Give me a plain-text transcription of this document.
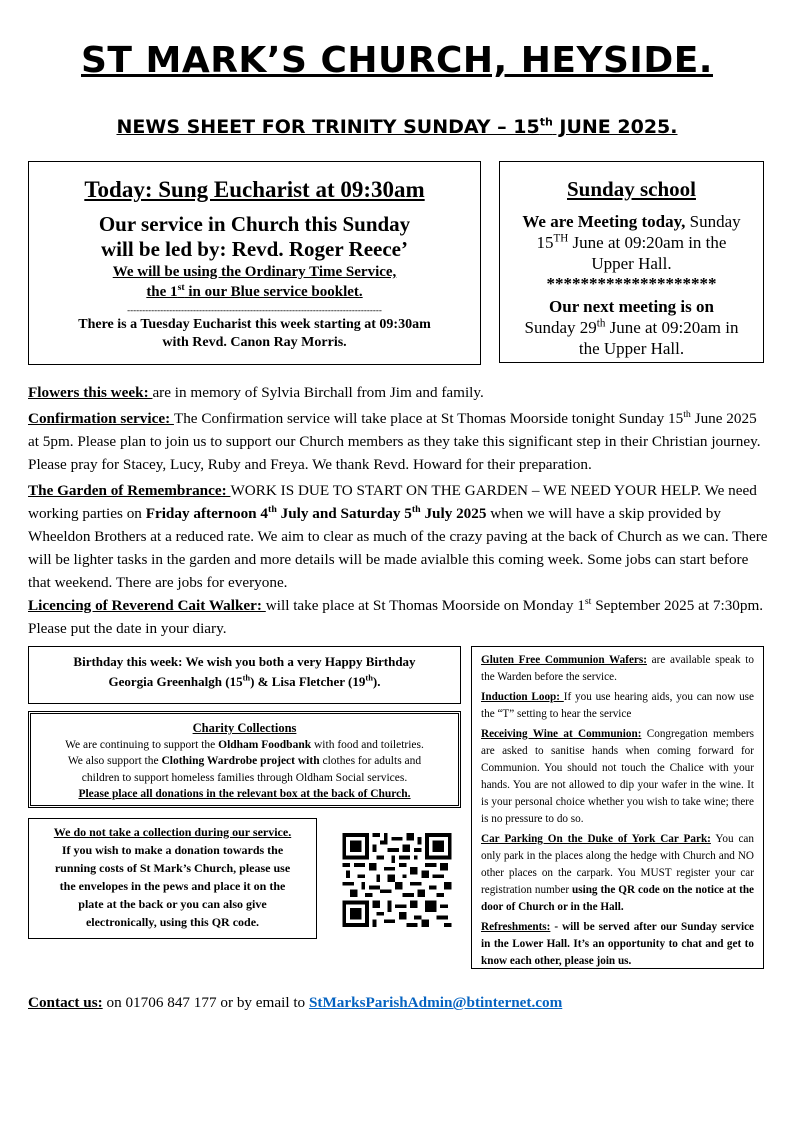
ST MARK’S CHURCH, HEYSIDE.
NEWS SHEET FOR TRINITY SUNDAY – 15th JUNE 2025.
Today: Sung Eucharist at 09:30am
Our service in Church this Sunday
will be led by: Revd. Roger Reece’
We will be using the Ordinary Time Service,
the 1st in our Blue service booklet.
-------------------------------------------------------------------------------------
There is a Tuesday Eucharist this week starting at 09:30am
with Revd. Canon Ray Morris.
Sunday school
We are Meeting today, Sunday
15TH June at 09:20am in the
Upper Hall.
********************
Our next meeting is on
Sunday 29th June at 09:20am in
the Upper Hall.
Flowers this week: are in memory of Sylvia Birchall from Jim and family.
Confirmation service: The Confirmation service will take place at St Thomas Moorside tonight Sunday 15th June 2025 at 5pm. Please plan to join us to support our Church members as they take this significant step in their Christian journey. Please pray for Stacey, Lucy, Ruby and Freya. We thank Revd. Howard for their preparation.
The Garden of Remembrance: WORK IS DUE TO START ON THE GARDEN – WE NEED YOUR HELP. We need working parties on Friday afternoon 4th July and Saturday 5th July 2025 when we will have a skip provided by Wheeldon Brothers at a reduced rate. We aim to clear as much of the crazy paving at the back of Church as we can. There will be lighter tasks in the garden and more details will be made avialble this coming week. Some jobs can start before that weekend. There are jobs for everyone.
Licencing of Reverend Cait Walker: will take place at St Thomas Moorside on Monday 1st September 2025 at 7:30pm. Please put the date in your diary.
Birthday this week: We wish you both a very Happy Birthday
Georgia Greenhalgh (15th) & Lisa Fletcher (19th).
Charity Collections
We are continuing to support the Oldham Foodbank with food and toiletries.
We also support the Clothing Wardrobe project with clothes for adults and
children to support homeless families through Oldham Social services.
Please place all donations in the relevant box at the back of Church.
We do not take a collection during our service.
If you wish to make a donation towards the
running costs of St Mark’s Church, please use
the envelopes in the pews and place it on the
plate at the back or you can also give
electronically, using this QR code.

Gluten Free Communion Wafers: are available speak to the Warden before the service.

Induction Loop: If you use hearing aids, you can now use the “T” setting to hear the service

Receiving Wine at Communion: Congregation members are asked to sanitise hands when coming forward for Communion. You should not touch the Chalice with your hands. You are not allowed to dip your wafer in the wine. It is your personal choice whether you wish to take wine; there is no pressure to do so.

Car Parking On the Duke of York Car Park: You can only park in the places along the hedge with Church and NO other places on the carpark. You MUST register your car registration number using the QR code on the notice at the door of Church or in the Hall.

Refreshments: - will be served after our Sunday service in the Lower Hall. It’s an opportunity to chat and get to know each other, please join us.

Contact us: on 01706 847 177 or by email to StMarksParishAdmin@btinternet.com
